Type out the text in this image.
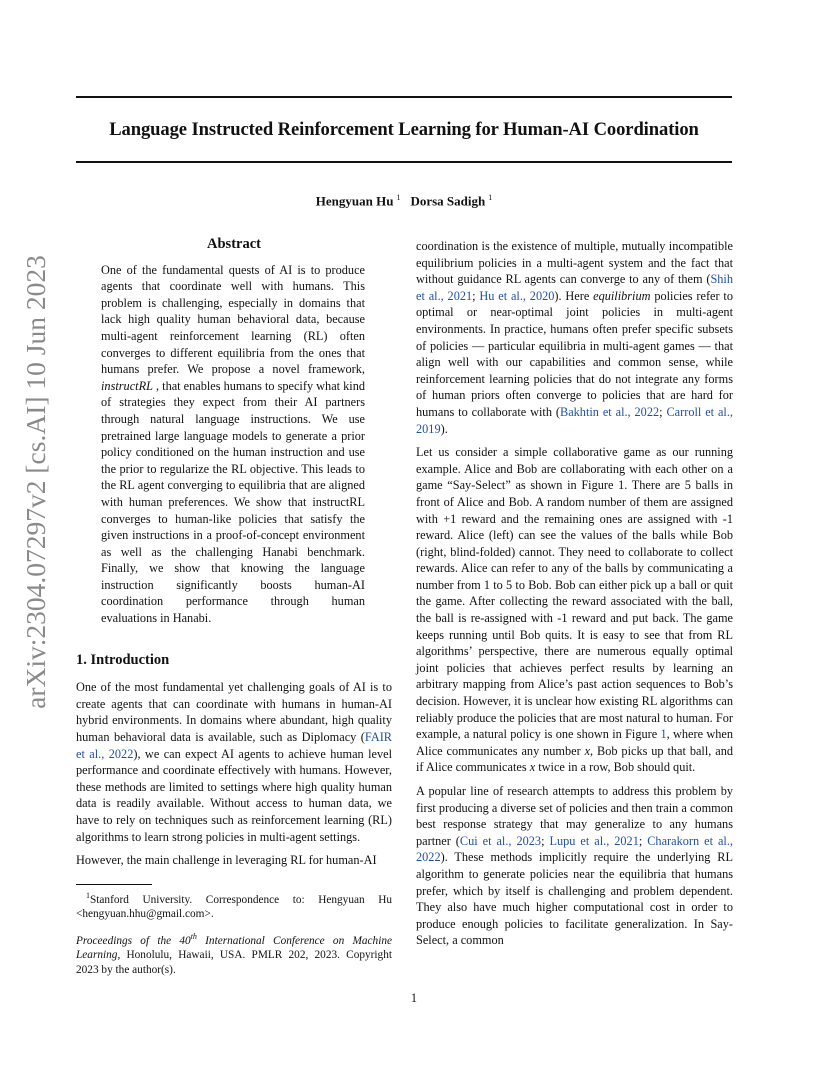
Language Instructed Reinforcement Learning for Human-AI Coordination
Hengyuan Hu $^1$ Dorsa Sadigh $^1$
arXiv:2304.07297v2 [cs.AI] 10 Jun 2023
Abstract
One of the fundamental quests of AI is to produce agents that coordinate well with humans. This problem is challenging, especially in domains that lack high quality human behavioral data, because multi-agent reinforcement learning (RL) often converges to different equilibria from the ones that humans prefer. We propose a novel framework, instructRL , that enables humans to specify what kind of strategies they expect from their AI partners through natural language instructions. We use pretrained large language models to generate a prior policy conditioned on the human instruction and use the prior to regularize the RL objective. This leads to the RL agent converging to equilibria that are aligned with human preferences. We show that instructRL converges to human-like policies that satisfy the given instructions in a proof-of-concept environment as well as the challenging Hanabi benchmark. Finally, we show that knowing the language instruction significantly boosts human-AI coordination performance through human evaluations in Hanabi.
1. Introduction

One of the most fundamental yet challenging goals of AI is to create agents that can coordinate with humans in human-AI hybrid environments. In domains where abundant, high quality human behavioral data is available, such as Diplomacy (FAIR et al., 2022), we can expect AI agents to achieve human level performance and coordinate effectively with humans. However, these methods are limited to settings where high quality human data is readily available. Without access to human data, we have to rely on techniques such as reinforcement learning (RL) algorithms to learn strong policies in multi-agent settings.

However, the main challenge in leveraging RL for human-AI

$^1$Stanford University. Correspondence to: Hengyuan Hu <hengyuan.hhu@gmail.com>.
Proceedings of the 40th International Conference on Machine Learning, Honolulu, Hawaii, USA. PMLR 202, 2023. Copyright 2023 by the author(s).

coordination is the existence of multiple, mutually incompatible equilibrium policies in a multi-agent system and the fact that without guidance RL agents can converge to any of them (Shih et al., 2021; Hu et al., 2020). Here equilibrium policies refer to optimal or near-optimal joint policies in multi-agent environments. In practice, humans often prefer specific subsets of policies — particular equilibria in multi-agent games — that align well with our capabilities and common sense, while reinforcement learning policies that do not integrate any forms of human priors often converge to policies that are hard for humans to collaborate with (Bakhtin et al., 2022; Carroll et al., 2019).

Let us consider a simple collaborative game as our running example. Alice and Bob are collaborating with each other on a game “Say-Select” as shown in Figure 1. There are 5 balls in front of Alice and Bob. A random number of them are assigned with +1 reward and the remaining ones are assigned with -1 reward. Alice (left) can see the values of the balls while Bob (right, blind-folded) cannot. They need to collaborate to collect rewards. Alice can refer to any of the balls by communicating a number from 1 to 5 to Bob. Bob can either pick up a ball or quit the game. After collecting the reward associated with the ball, the ball is re-assigned with -1 reward and put back. The game keeps running until Bob quits. It is easy to see that from RL algorithms’ perspective, there are numerous equally optimal joint policies that achieves perfect results by learning an arbitrary mapping from Alice’s past action sequences to Bob’s decision. However, it is unclear how existing RL algorithms can reliably produce the policies that are most natural to human. For example, a natural policy is one shown in Figure 1, where when Alice communicates any number x, Bob picks up that ball, and if Alice communicates x twice in a row, Bob should quit.

A popular line of research attempts to address this problem by first producing a diverse set of policies and then train a common best response strategy that may generalize to any humans partner (Cui et al., 2023; Lupu et al., 2021; Charakorn et al., 2022). These methods implicitly require the underlying RL algorithm to generate policies near the equilibria that humans prefer, which by itself is challenging and problem dependent. They also have much higher computational cost in order to produce enough policies to facilitate generalization. In Say-Select, a common

1
